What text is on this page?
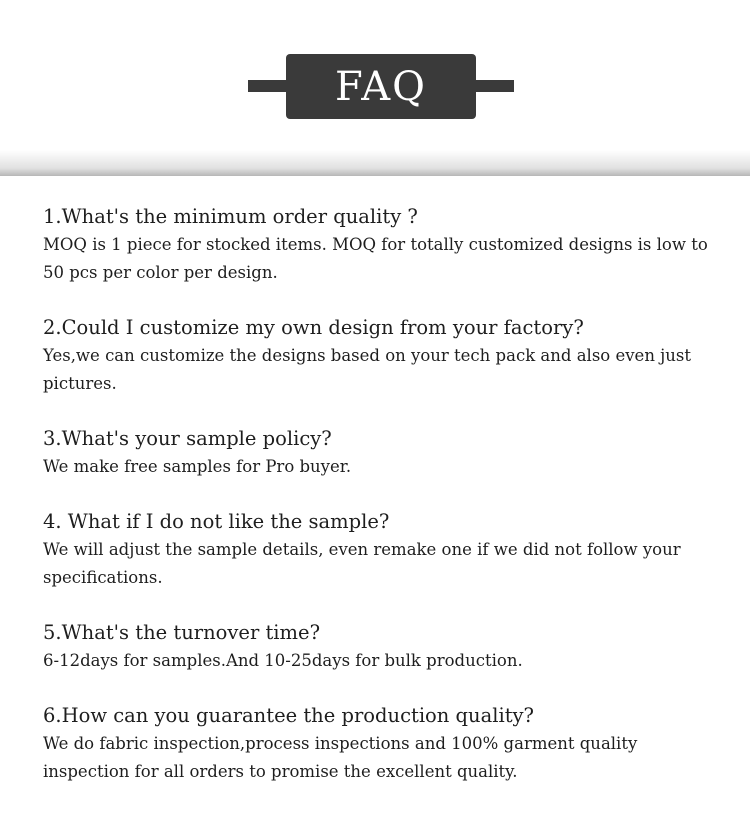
FAQ

1.What's the minimum order quality ?

MOQ is 1 piece for stocked items. MOQ for totally customized designs is low to 50 pcs per color per design.

2.Could I customize my own design from your factory?

Yes,we can customize the designs based on your tech pack and also even just pictures.

3.What's your sample policy?

We make free samples for Pro buyer.

4. What if I do not like the sample?

We will adjust the sample details, even remake one if we did not follow your specifications.

5.What's the turnover time?

6-12days for samples.And 10-25days for bulk production.

6.How can you guarantee the production quality?

We do fabric inspection,process inspections and 100% garment quality inspection for all orders to promise the excellent quality.
